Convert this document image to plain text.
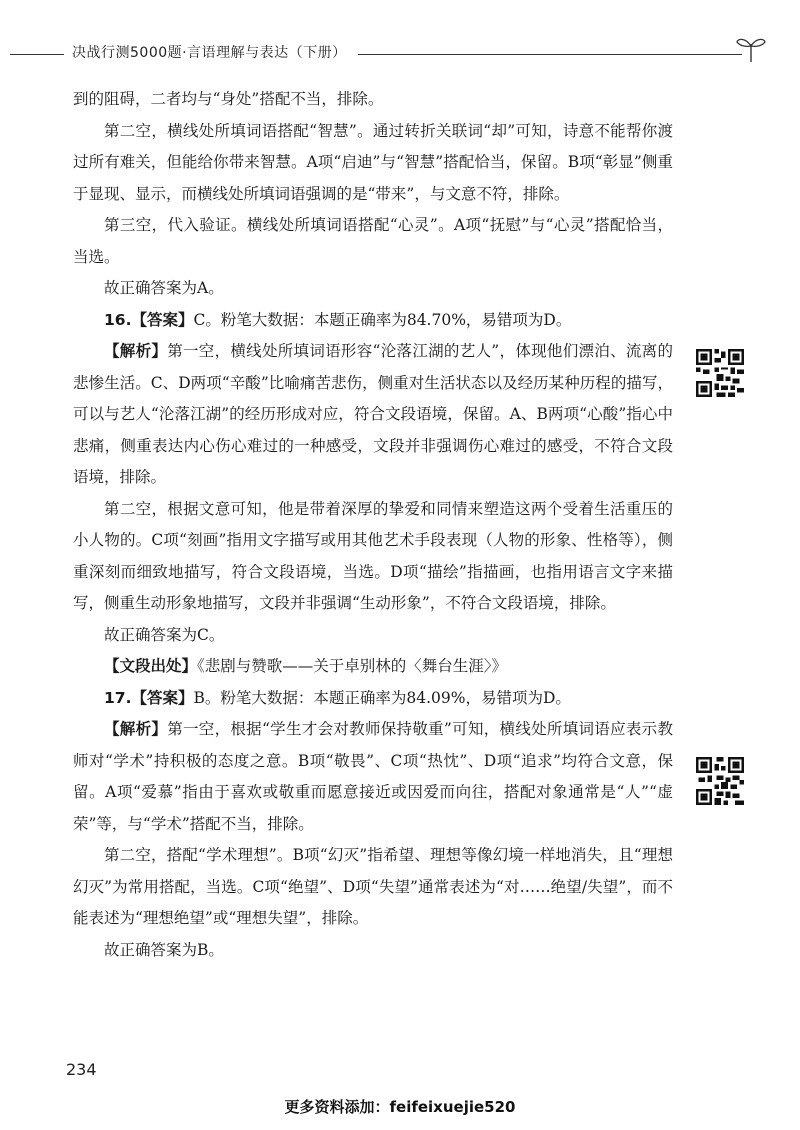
决战行测5000题·言语理解与表达（下册）

到的阻碍，二者均与“身处”搭配不当，排除。

第二空，横线处所填词语搭配“智慧”。通过转折关联词“却”可知，诗意不能帮你渡过所有难关，但能给你带来智慧。A项“启迪”与“智慧”搭配恰当，保留。B项“彰显”侧重于显现、显示，而横线处所填词语强调的是“带来”，与文意不符，排除。

第三空，代入验证。横线处所填词语搭配“心灵”。A项“抚慰”与“心灵”搭配恰当，当选。

故正确答案为A。

16.【答案】C。粉笔大数据：本题正确率为84.70%，易错项为D。

【解析】第一空，横线处所填词语形容“沦落江湖的艺人”，体现他们漂泊、流离的悲惨生活。C、D两项“辛酸”比喻痛苦悲伤，侧重对生活状态以及经历某种历程的描写，可以与艺人“沦落江湖”的经历形成对应，符合文段语境，保留。A、B两项“心酸”指心中悲痛，侧重表达内心伤心难过的一种感受，文段并非强调伤心难过的感受，不符合文段语境，排除。

第二空，根据文意可知，他是带着深厚的挚爱和同情来塑造这两个受着生活重压的小人物的。C项“刻画”指用文字描写或用其他艺术手段表现（人物的形象、性格等），侧重深刻而细致地描写，符合文段语境，当选。D项“描绘”指描画，也指用语言文字来描写，侧重生动形象地描写，文段并非强调“生动形象”，不符合文段语境，排除。

故正确答案为C。

【文段出处】《悲剧与赞歌——关于卓别林的〈舞台生涯〉》

17.【答案】B。粉笔大数据：本题正确率为84.09%，易错项为D。

【解析】第一空，根据“学生才会对教师保持敬重”可知，横线处所填词语应表示教师对“学术”持积极的态度之意。B项“敬畏”、C项“热忱”、D项“追求”均符合文意，保留。A项“爱慕”指由于喜欢或敬重而愿意接近或因爱而向往，搭配对象通常是“人”“虚荣”等，与“学术”搭配不当，排除。

第二空，搭配“学术理想”。B项“幻灭”指希望、理想等像幻境一样地消失，且“理想幻灭”为常用搭配，当选。C项“绝望”、D项“失望”通常表述为“对……绝望/失望”，而不能表述为“理想绝望”或“理想失望”，排除。

故正确答案为B。

234
更多资料添加：feifeixuejie520
